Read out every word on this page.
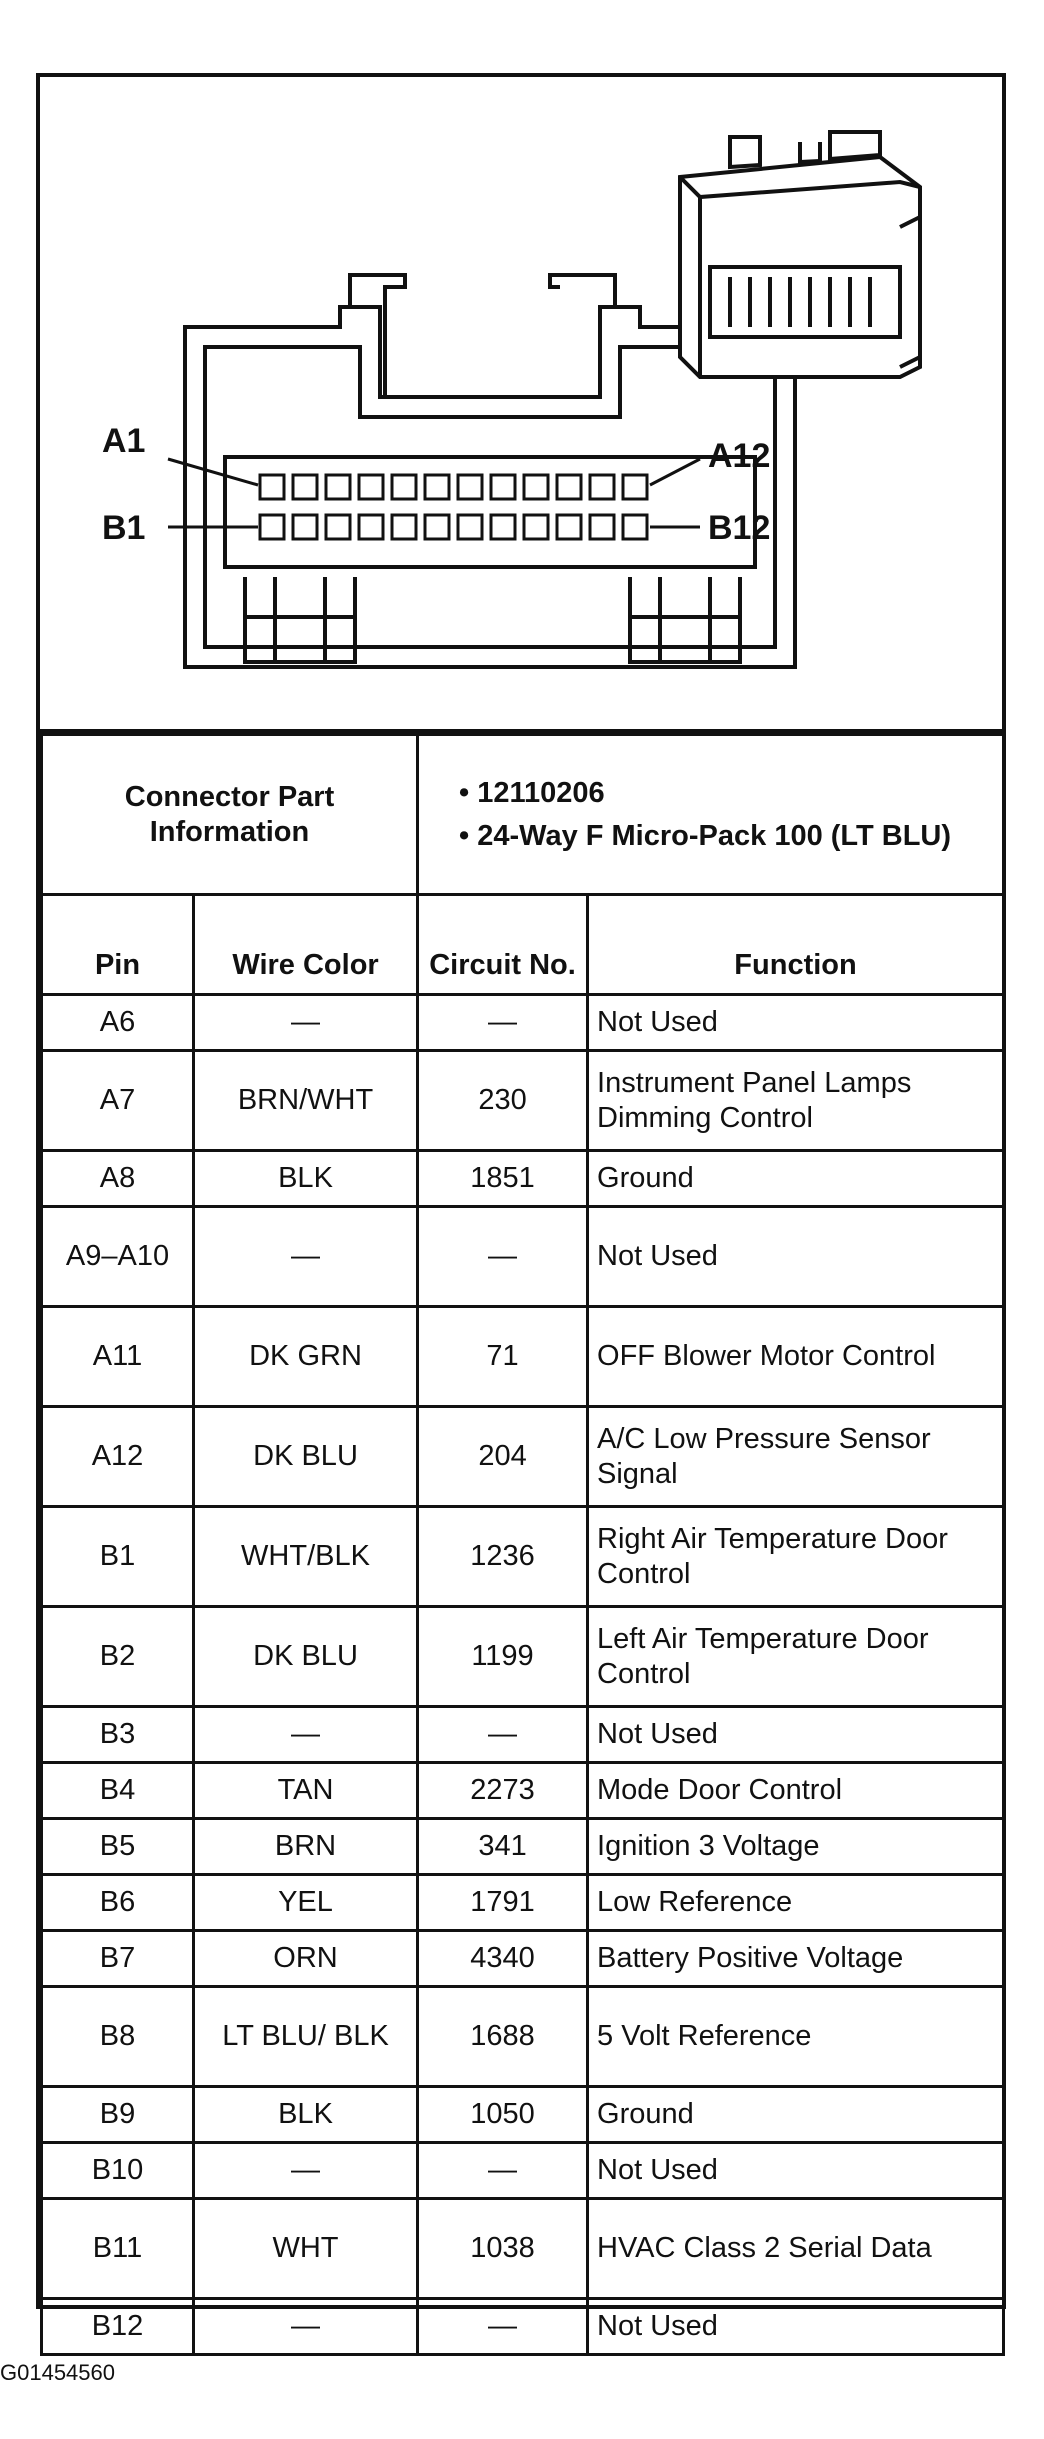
A1
B1
A12
B12
Connector Part Information		• 12110206
• 24-Way F Micro-Pack 100 (LT BLU)	

Pin	Wire Color	Circuit No.	Function
A6	—	—	Not Used
A7	BRN/WHT	230	Instrument Panel Lamps Dimming Control
A8	BLK	1851	Ground
A9–A10	—	—	Not Used
A11	DK GRN	71	OFF Blower Motor Control
A12	DK BLU	204	A/C Low Pressure Sensor Signal
B1	WHT/BLK	1236	Right Air Temperature Door Control
B2	DK BLU	1199	Left Air Temperature Door Control
B3	—	—	Not Used
B4	TAN	2273	Mode Door Control
B5	BRN	341	Ignition 3 Voltage
B6	YEL	1791	Low Reference
B7	ORN	4340	Battery Positive Voltage
B8	LT BLU/ BLK	1688	5 Volt Reference
B9	BLK	1050	Ground
B10	—	—	Not Used
B11	WHT	1038	HVAC Class 2 Serial Data
B12	—	—	Not Used
G01454560
